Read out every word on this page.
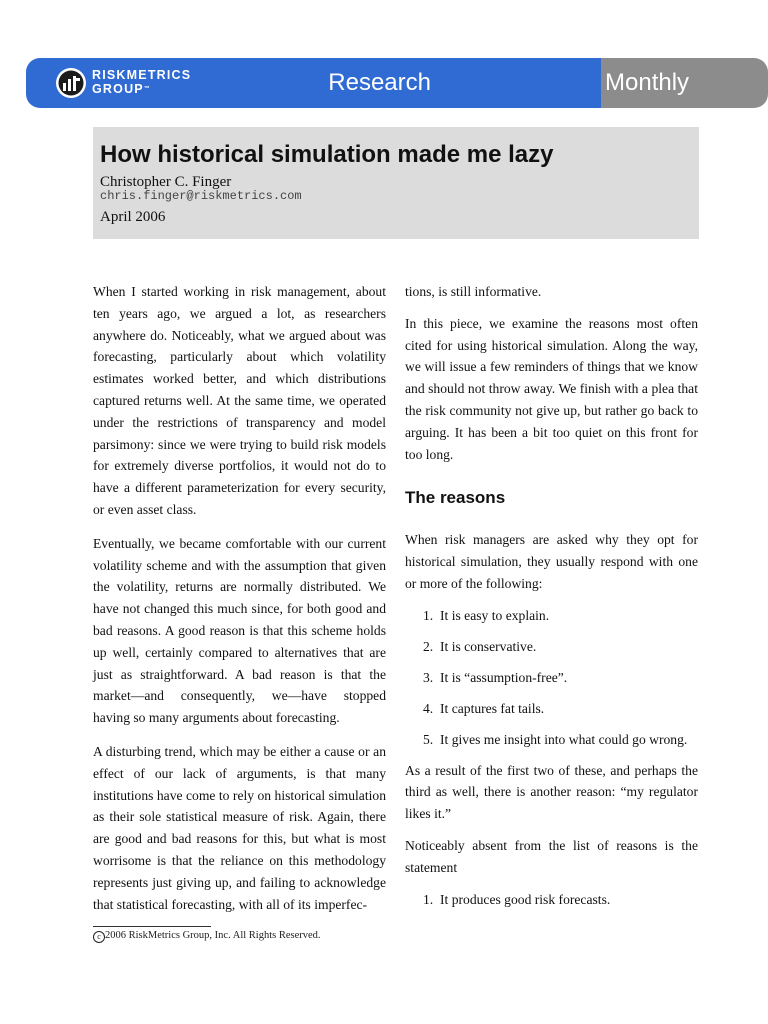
RISKMETRICS
GROUP™	Research	Monthly
How historical simulation made me lazy
Christopher C. Finger
chris.finger@riskmetrics.com
April 2006

When I started working in risk management, about ten years ago, we argued a lot, as researchers anywhere do. Noticeably, what we argued about was forecasting, particularly about which volatility estimates worked better, and which distributions captured returns well. At the same time, we operated under the restrictions of transparency and model parsimony: since we were trying to build risk models for extremely diverse portfolios, it would not do to have a different parameterization for every security, or even asset class.

Eventually, we became comfortable with our current volatility scheme and with the assumption that given the volatility, returns are normally distributed. We have not changed this much since, for both good and bad reasons. A good reason is that this scheme holds up well, certainly compared to alternatives that are just as straightforward. A bad reason is that the market—and consequently, we—have stopped having so many arguments about forecasting.

A disturbing trend, which may be either a cause or an effect of our lack of arguments, is that many institutions have come to rely on historical simulation as their sole statistical measure of risk. Again, there are good and bad reasons for this, but what is most worrisome is that the reliance on this methodology represents just giving up, and failing to acknowledge that statistical forecasting, with all of its imperfec-

tions, is still informative.

In this piece, we examine the reasons most often cited for using historical simulation. Along the way, we will issue a few reminders of things that we know and should not throw away. We finish with a plea that the risk community not give up, but rather go back to arguing. It has been a bit too quiet on this front for too long.

The reasons

When risk managers are asked why they opt for historical simulation, they usually respond with one or more of the following:

1. It is easy to explain.
2. It is conservative.
3. It is “assumption-free”.
4. It captures fat tails.
5. It gives me insight into what could go wrong.

As a result of the first two of these, and perhaps the third as well, there is another reason: “my regulator likes it.”

Noticeably absent from the list of reasons is the statement

1. It produces good risk forecasts.
c 2006 RiskMetrics Group, Inc. All Rights Reserved.
